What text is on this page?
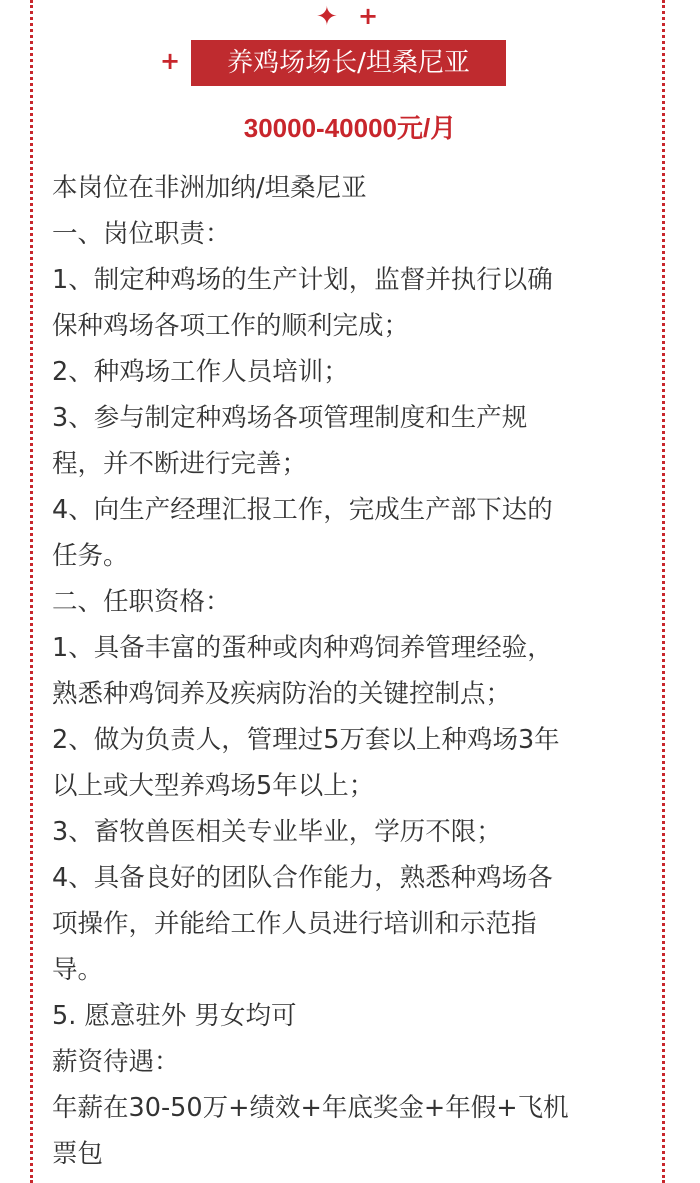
✦ +
+	养鸡场场长/坦桑尼亚
30000-40000元/月
本岗位在非洲加纳/坦桑尼亚
一、岗位职责：
1、制定种鸡场的生产计划，监督并执行以确
保种鸡场各项工作的顺利完成；
2、种鸡场工作人员培训；
3、参与制定种鸡场各项管理制度和生产规
程，并不断进行完善；
4、向生产经理汇报工作，完成生产部下达的
任务。
二、任职资格：
1、具备丰富的蛋种或肉种鸡饲养管理经验，
熟悉种鸡饲养及疾病防治的关键控制点；
2、做为负责人，管理过5万套以上种鸡场3年
以上或大型养鸡场5年以上；
3、畜牧兽医相关专业毕业，学历不限；
4、具备良好的团队合作能力，熟悉种鸡场各
项操作，并能给工作人员进行培训和示范指
导。
5. 愿意驻外 男女均可
薪资待遇：
年薪在30-50万+绩效+年底奖金+年假+飞机
票包
